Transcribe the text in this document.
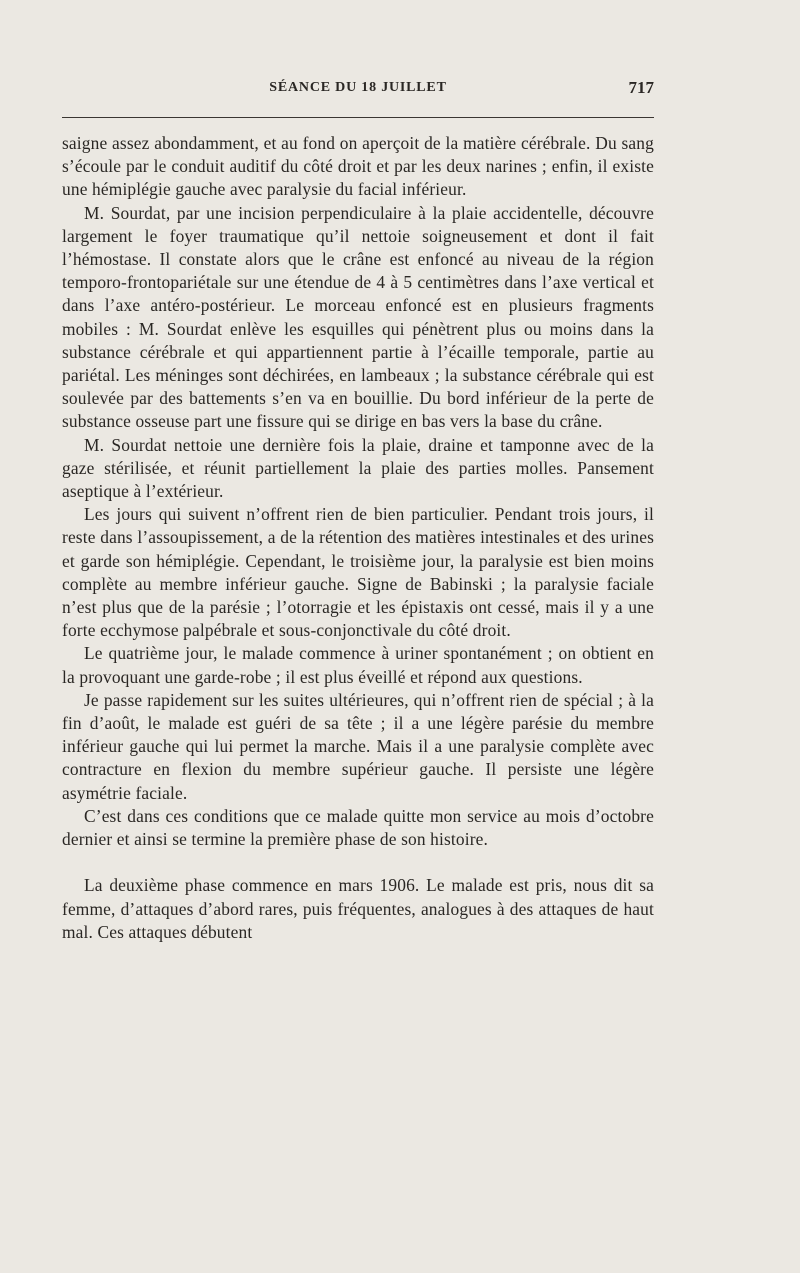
SÉANCE DU 18 JUILLET	717

saigne assez abondamment, et au fond on aperçoit de la matière cérébrale. Du sang s’écoule par le conduit auditif du côté droit et par les deux narines ; enfin, il existe une hémiplégie gauche avec paralysie du facial inférieur.

M. Sourdat, par une incision perpendiculaire à la plaie accidentelle, découvre largement le foyer traumatique qu’il nettoie soigneusement et dont il fait l’hémostase. Il constate alors que le crâne est enfoncé au niveau de la région temporo-frontopariétale sur une étendue de 4 à 5 centimètres dans l’axe vertical et dans l’axe antéro-postérieur. Le morceau enfoncé est en plusieurs fragments mobiles : M. Sourdat enlève les esquilles qui pénètrent plus ou moins dans la substance cérébrale et qui appartiennent partie à l’écaille temporale, partie au pariétal. Les méninges sont déchirées, en lambeaux ; la substance cérébrale qui est soulevée par des battements s’en va en bouillie. Du bord inférieur de la perte de substance osseuse part une fissure qui se dirige en bas vers la base du crâne.

M. Sourdat nettoie une dernière fois la plaie, draine et tamponne avec de la gaze stérilisée, et réunit partiellement la plaie des parties molles. Pansement aseptique à l’extérieur.

Les jours qui suivent n’offrent rien de bien particulier. Pendant trois jours, il reste dans l’assoupissement, a de la rétention des matières intestinales et des urines et garde son hémiplégie. Cependant, le troisième jour, la paralysie est bien moins complète au membre inférieur gauche. Signe de Babinski ; la paralysie faciale n’est plus que de la parésie ; l’otorragie et les épistaxis ont cessé, mais il y a une forte ecchymose palpébrale et sous-conjonctivale du côté droit.

Le quatrième jour, le malade commence à uriner spontanément ; on obtient en la provoquant une garde-robe ; il est plus éveillé et répond aux questions.

Je passe rapidement sur les suites ultérieures, qui n’offrent rien de spécial ; à la fin d’août, le malade est guéri de sa tête ; il a une légère parésie du membre inférieur gauche qui lui permet la marche. Mais il a une paralysie complète avec contracture en flexion du membre supérieur gauche. Il persiste une légère asymétrie faciale.

C’est dans ces conditions que ce malade quitte mon service au mois d’octobre dernier et ainsi se termine la première phase de son histoire.

La deuxième phase commence en mars 1906. Le malade est pris, nous dit sa femme, d’attaques d’abord rares, puis fréquentes, analogues à des attaques de haut mal. Ces attaques débutent
